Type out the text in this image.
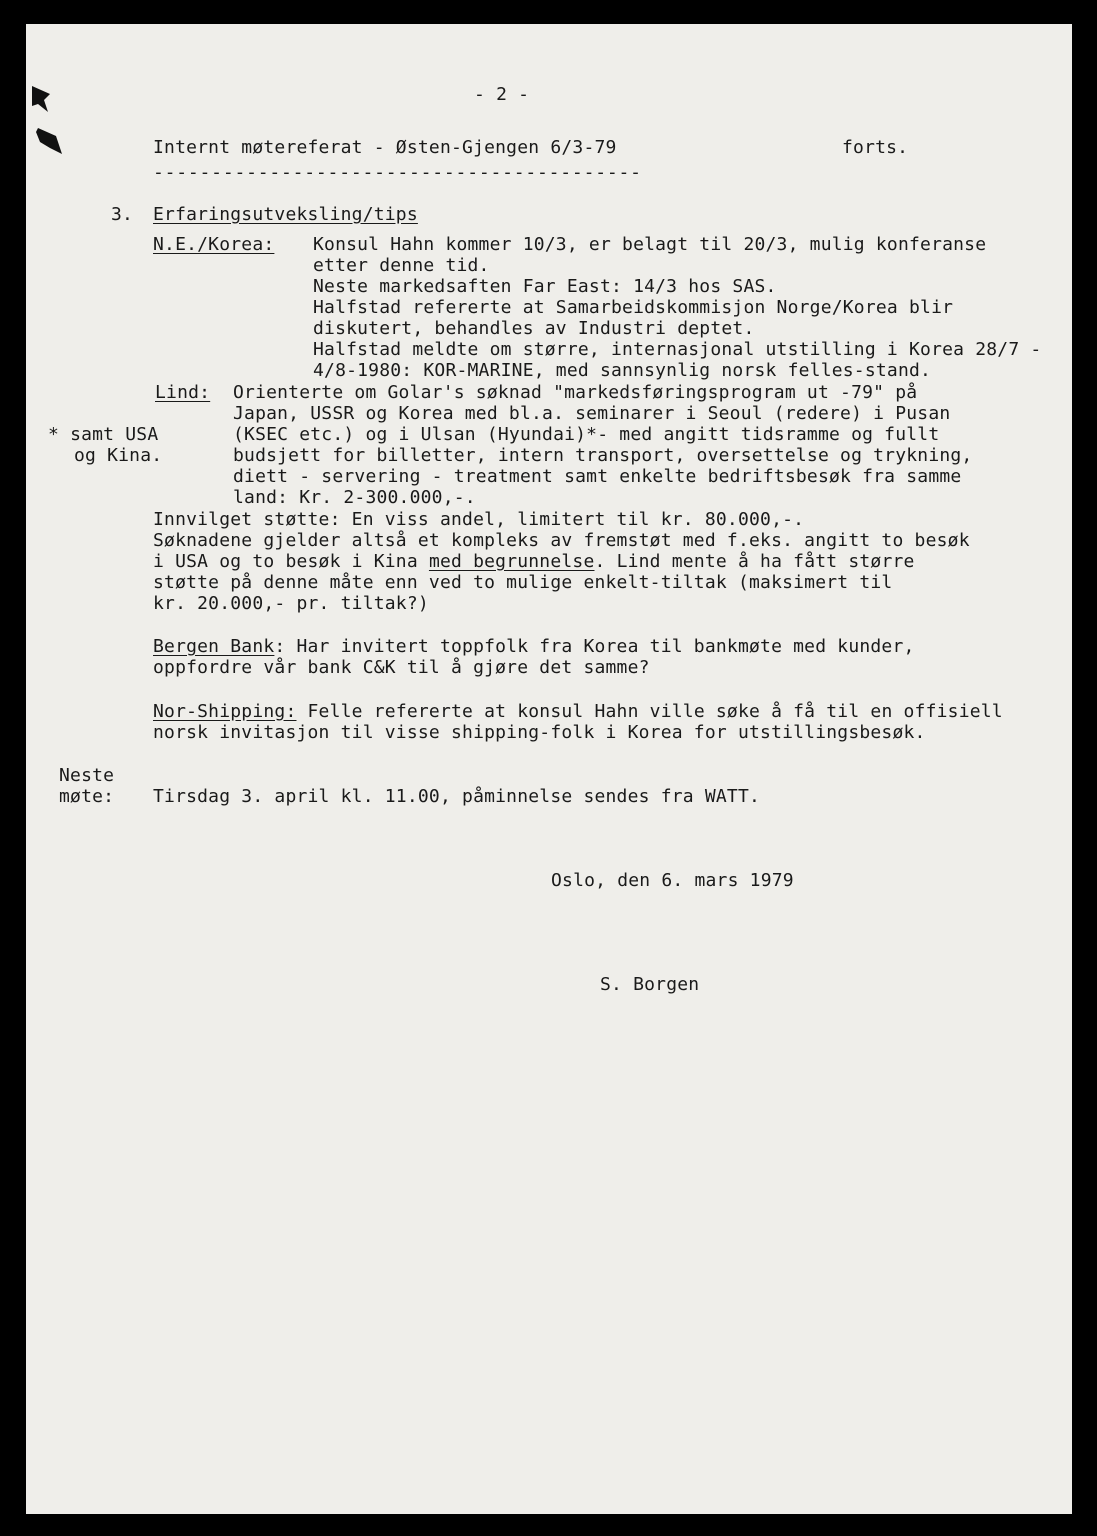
- 2 -
Internt møtereferat - Østen-Gjengen 6/3-79	forts.
------------------------------------------
3. Erfaringsutveksling/tips
N.E./Korea: Konsul Hahn kommer 10/3, er belagt til 20/3, mulig konferanse
etter denne tid.
Neste markedsaften Far East: 14/3 hos SAS.
Halfstad refererte at Samarbeidskommisjon Norge/Korea blir
diskutert, behandles av Industri deptet.
Halfstad meldte om større, internasjonal utstilling i Korea 28/7 -
4/8-1980: KOR-MARINE, med sannsynlig norsk felles-stand.
Lind: Orienterte om Golar's søknad "markedsføringsprogram ut -79" på
Japan, USSR og Korea med bl.a. seminarer i Seoul (redere) i Pusan
(KSEC etc.) og i Ulsan (Hyundai)*- med angitt tidsramme og fullt
budsjett for billetter, intern transport, oversettelse og trykning,
diett - servering - treatment samt enkelte bedriftsbesøk fra samme
land: Kr. 2-300.000,-.
* samt USA
og Kina.
Innvilget støtte: En viss andel, limitert til kr. 80.000,-.
Søknadene gjelder altså et kompleks av fremstøt med f.eks. angitt to besøk
i USA og to besøk i Kina med begrunnelse. Lind mente å ha fått større
støtte på denne måte enn ved to mulige enkelt-tiltak (maksimert til
kr. 20.000,- pr. tiltak?)
Bergen Bank: Har invitert toppfolk fra Korea til bankmøte med kunder,
oppfordre vår bank C&K til å gjøre det samme?
Nor-Shipping: Felle refererte at konsul Hahn ville søke å få til en offisiell
norsk invitasjon til visse shipping-folk i Korea for utstillingsbesøk.
Neste
møte: Tirsdag 3. april kl. 11.00, påminnelse sendes fra WATT.
Oslo, den 6. mars 1979
S. Borgen
